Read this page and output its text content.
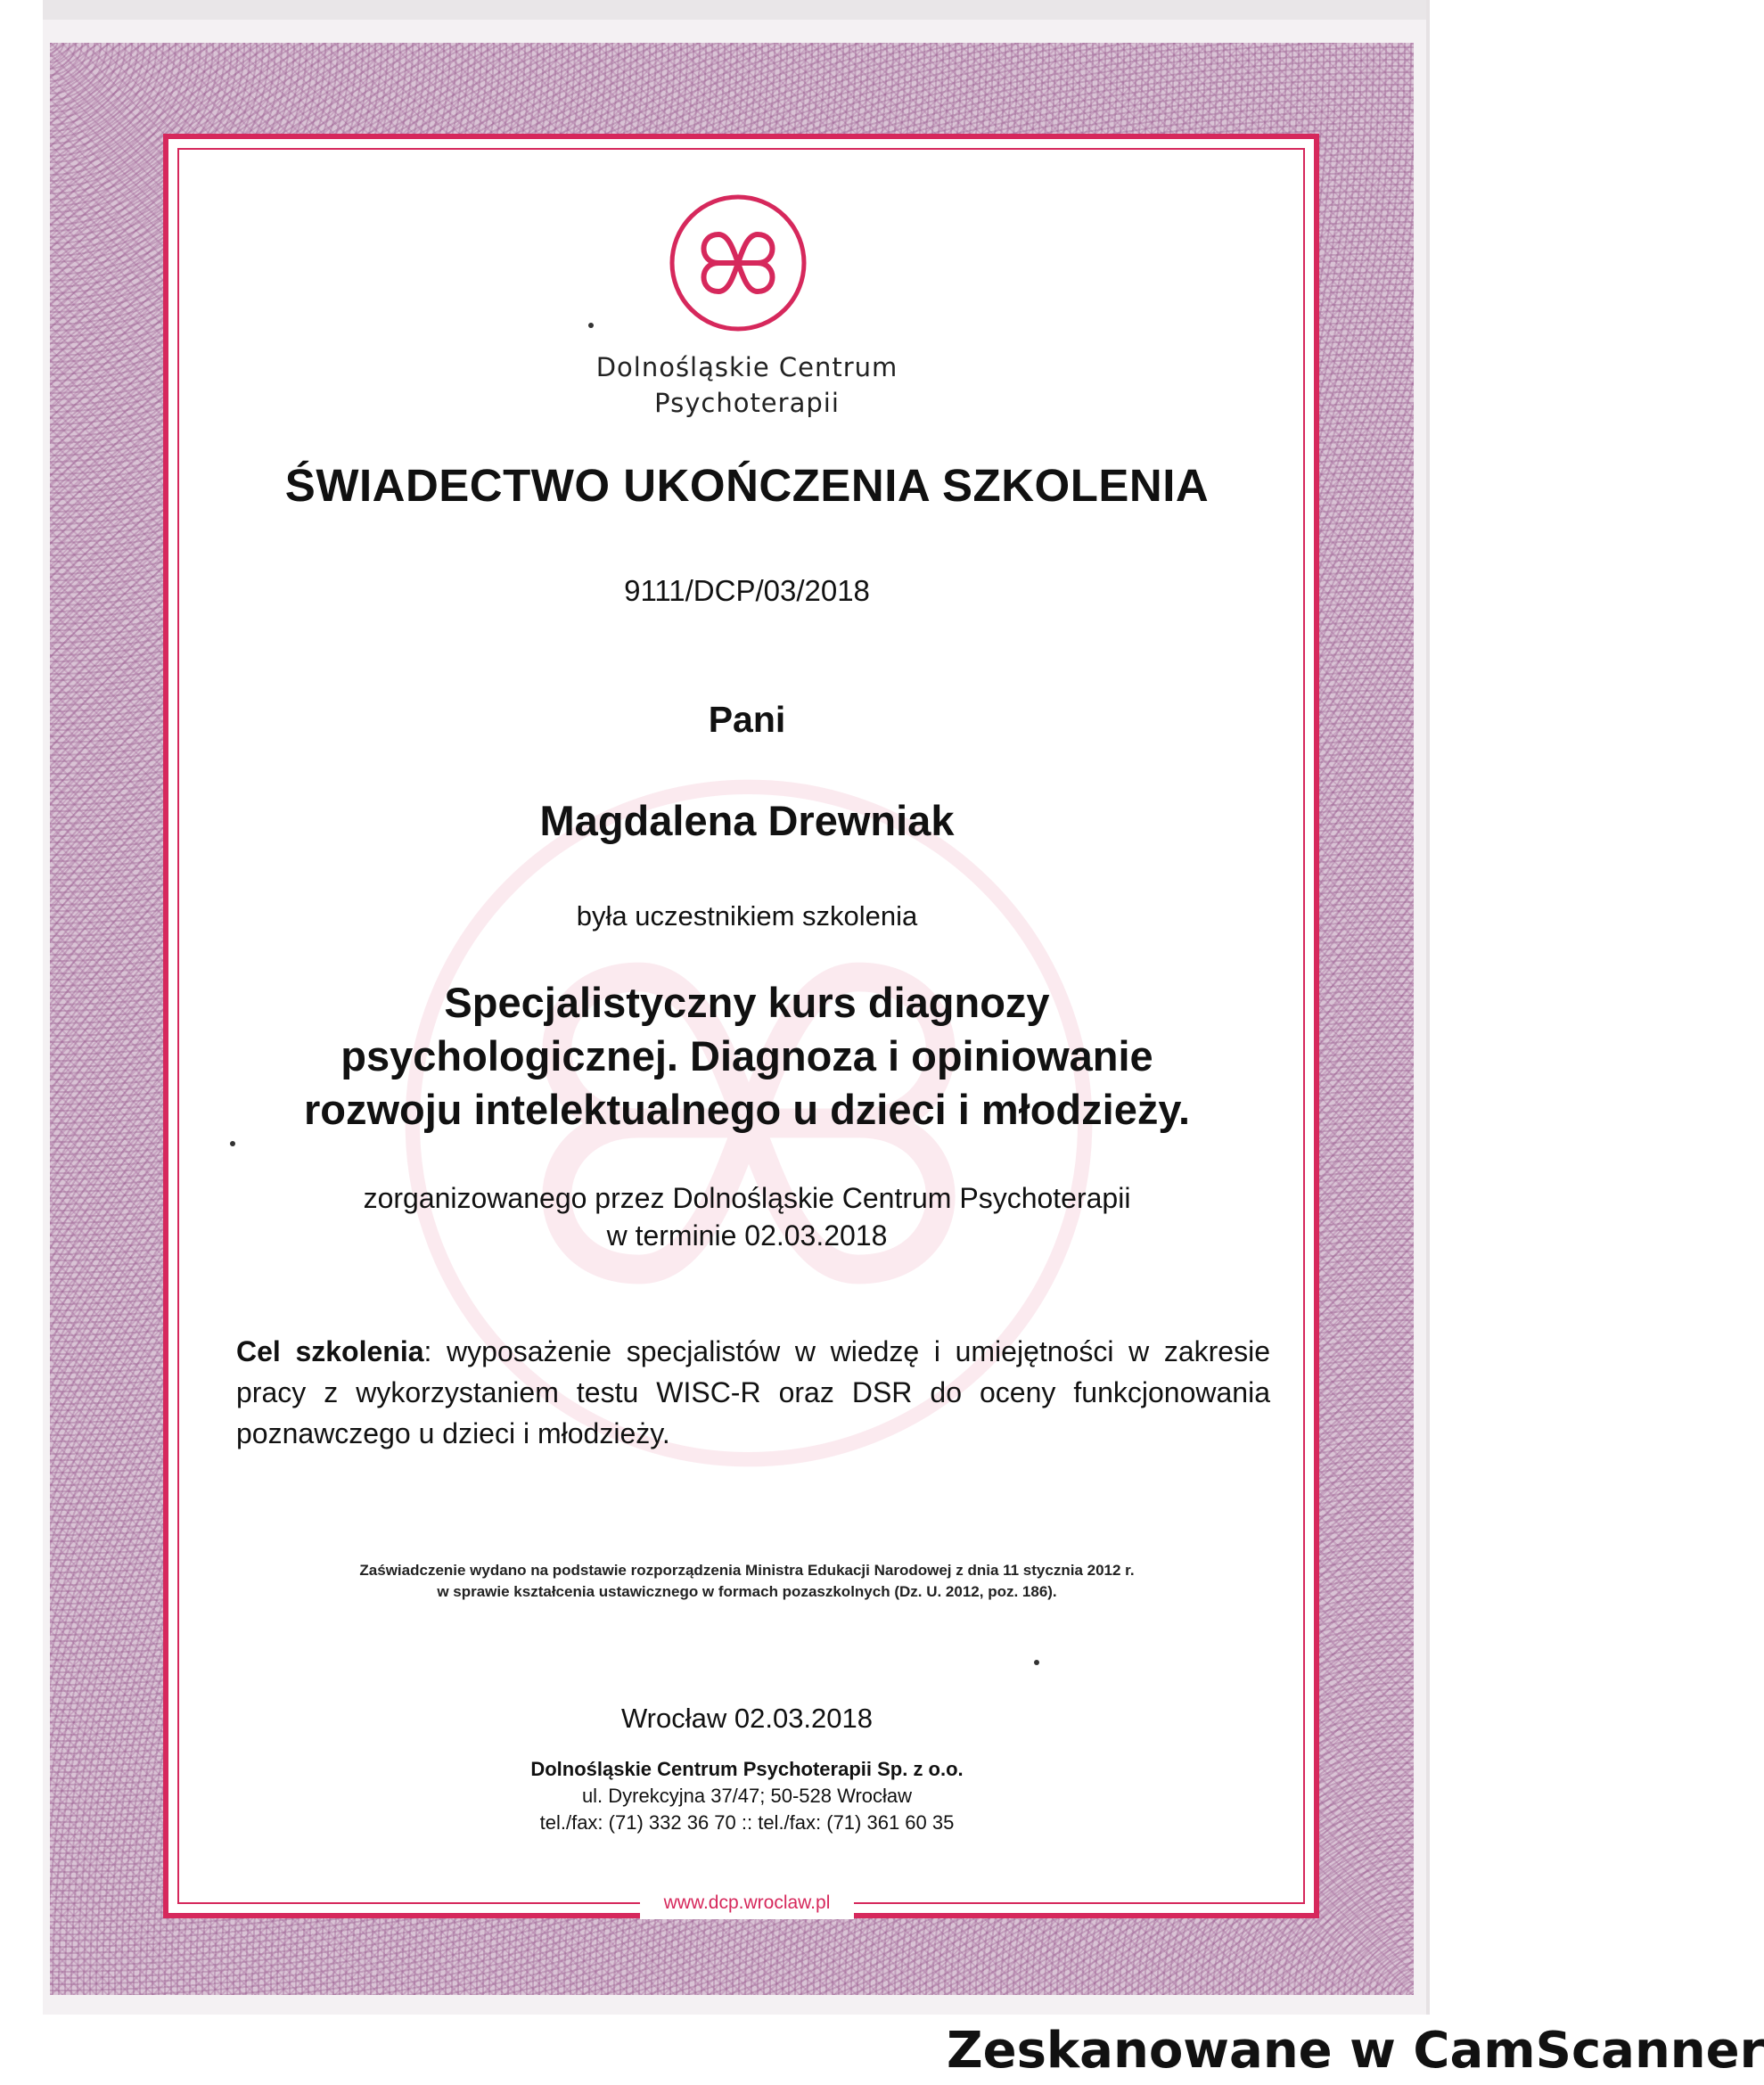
Dolnośląskie Centrum
Psychoterapii
ŚWIADECTWO UKOŃCZENIA SZKOLENIA
9111/DCP/03/2018
Pani
Magdalena Drewniak
była uczestnikiem szkolenia
Specjalistyczny kurs diagnozy
psychologicznej. Diagnoza i opiniowanie
rozwoju intelektualnego u dzieci i młodzieży.
zorganizowanego przez Dolnośląskie Centrum Psychoterapii
w terminie 02.03.2018
Cel szkolenia: wyposażenie specjalistów w wiedzę i umiejętności w zakresie pracy z wykorzystaniem testu WISC-R oraz DSR do oceny funkcjonowania poznawczego u dzieci i młodzieży.
Zaświadczenie wydano na podstawie rozporządzenia Ministra Edukacji Narodowej z dnia 11 stycznia 2012 r.
w sprawie kształcenia ustawicznego w formach pozaszkolnych (Dz. U. 2012, poz. 186).
Wrocław 02.03.2018
Dolnośląskie Centrum Psychoterapii Sp. z o.o.
ul. Dyrekcyjna 37/47; 50-528 Wrocław
tel./fax: (71) 332 36 70 :: tel./fax: (71) 361 60 35
www.dcp.wroclaw.pl
Zeskanowane w CamScanner
